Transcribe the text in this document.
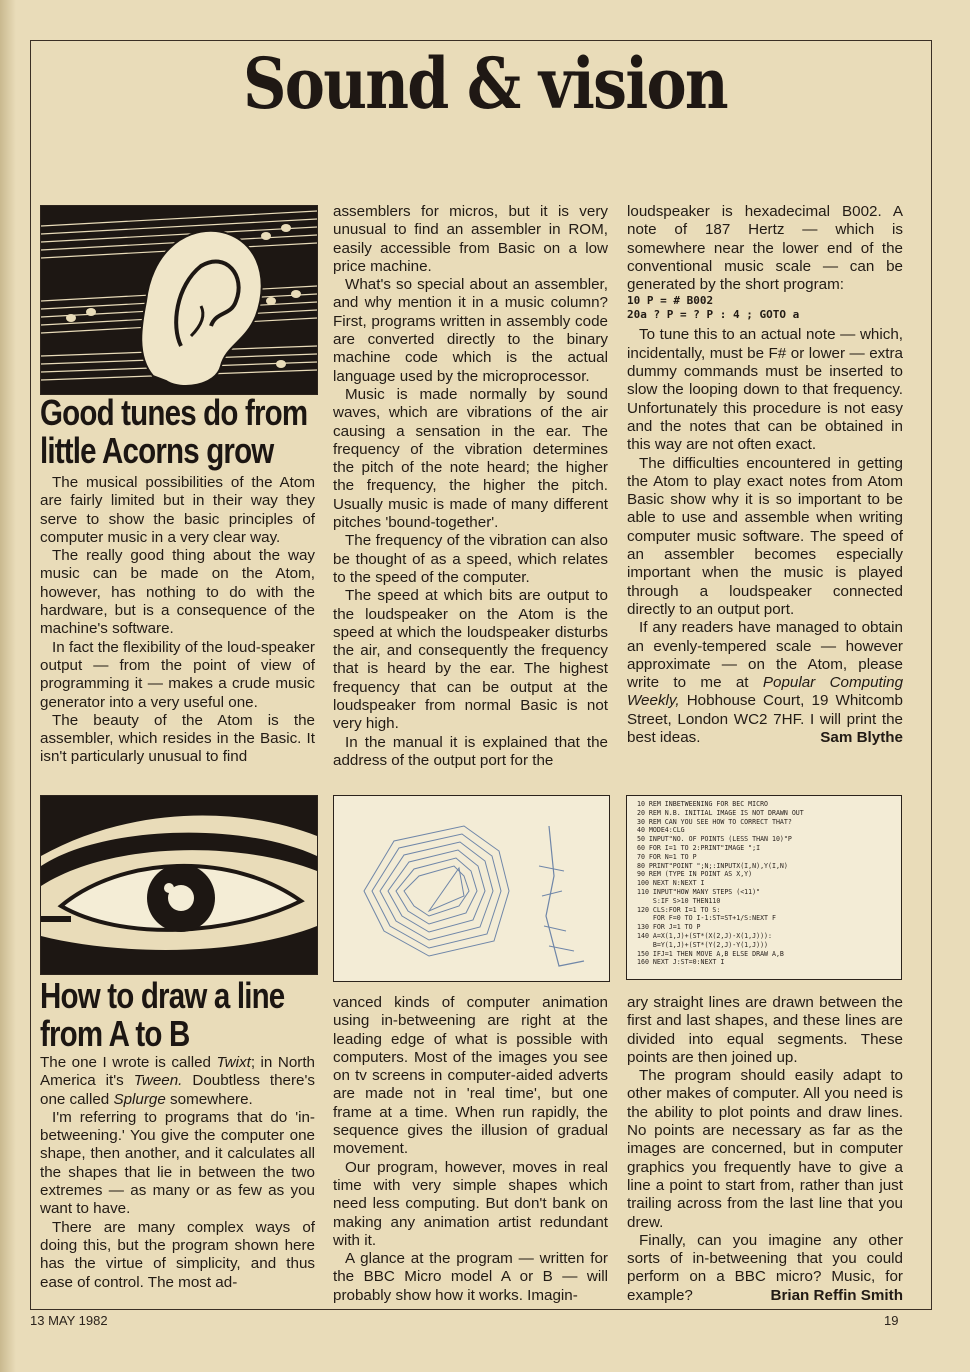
Sound & vision
Good tunes do from
little Acorns grow

The musical possibilities of the Atom are fairly limited but in their way they serve to show the basic principles of computer music in a very clear way.

The really good thing about the way music can be made on the Atom, however, has nothing to do with the hardware, but is a consequence of the machine's software.

In fact the flexibility of the loud-speaker output — from the point of view of programming it — makes a crude music generator into a very useful one.

The beauty of the Atom is the assembler, which resides in the Basic. It isn't particularly unusual to find

assemblers for micros, but it is very unusual to find an assembler in ROM, easily accessible from Basic on a low price machine.

What's so special about an assembler, and why mention it in a music column? First, programs written in assembly code are converted directly to the binary machine code which is the actual language used by the microprocessor.

Music is made normally by sound waves, which are vibrations of the air causing a sensation in the ear. The frequency of the vibration determines the pitch of the note heard; the higher the frequency, the higher the pitch. Usually music is made of many different pitches 'bound-together'.

The frequency of the vibration can also be thought of as a speed, which relates to the speed of the computer.

The speed at which bits are output to the loudspeaker on the Atom is the speed at which the loudspeaker disturbs the air, and consequently the frequency that is heard by the ear. The highest frequency that can be output at the loudspeaker from normal Basic is not very high.

In the manual it is explained that the address of the output port for the

loudspeaker is hexadecimal B002. A note of 187 Hertz — which is somewhere near the lower end of the conventional music scale — can be generated by the short program:

10 P = # B002

20a ? P = ? P : 4 ; GOTO a

To tune this to an actual note — which, incidentally, must be F# or lower — extra dummy commands must be inserted to slow the looping down to that frequency. Unfortunately this procedure is not easy and the notes that can be obtained in this way are not often exact.

The difficulties encountered in getting the Atom to play exact notes from Atom Basic show why it is so important to be able to use and assemble when writing computer music software. The speed of an assembler becomes especially important when the music is played through a loudspeaker connected directly to an output port.

If any readers have managed to obtain an evenly-tempered scale — however approximate — on the Atom, please write to me at Popular Computing Weekly, Hobhouse Court, 19 Whitcomb Street, London WC2 7HF. I will print the best ideas.	Sam Blythe

How to draw a line
from A to B

The one I wrote is called Twixt; in North America it's Tween. Doubtless there's one called Splurge somewhere.

I'm referring to programs that do 'in-betweening.' You give the computer one shape, then another, and it calculates all the shapes that lie in between the two extremes — as many or as few as you want to have.

There are many complex ways of doing this, but the program shown here has the virtue of simplicity, and thus ease of control. The most ad-

vanced kinds of computer animation using in-betweening are right at the leading edge of what is possible with computers. Most of the images you see on tv screens in computer-aided adverts are made not in 'real time', but one frame at a time. When run rapidly, the sequence gives the illusion of gradual movement.

Our program, however, moves in real time with very simple shapes which need less computing. But don't bank on making any animation artist redundant with it.

A glance at the program — written for the BBC Micro model A or B — will probably show how it works. Imagin-

ary straight lines are drawn between the first and last shapes, and these lines are divided into equal segments. These points are then joined up.

The program should easily adapt to other makes of computer. All you need is the ability to plot points and draw lines. No points are necessary as far as the images are concerned, but in computer graphics you frequently have to give a line a point to start from, rather than just trailing across from the last line that you drew.

Finally, can you imagine any other sorts of in-betweening that you could perform on a BBC micro? Music, for example?	Brian Reffin Smith

10 REM INBETWEENING FOR BEC MICRO
20 REM N.B. INITIAL IMAGE IS NOT DRAWN OUT
30 REM CAN YOU SEE HOW TO CORRECT THAT?
40 MODE4:CLG
50 INPUT"NO. OF POINTS (LESS THAN 10)"P
60 FOR I=1 TO 2:PRINT"IMAGE ";I
70 FOR N=1 TO P
80 PRINT"POINT ";N;:INPUTX(I,N),Y(I,N)
90 REM (TYPE IN POINT AS X,Y)
100 NEXT N:NEXT I
110 INPUT"HOW MANY STEPS (<11)"
S:IF S>10 THEN110
120 CLS:FOR I=1 TO S:
FOR F=0 TO I-1:ST=ST+1/S:NEXT F
130 FOR J=1 TO P
140 A=X(1,J)+(ST*(X(2,J)-X(1,J))):
B=Y(1,J)+(ST*(Y(2,J)-Y(1,J)))
150 IFJ=1 THEN MOVE A,B ELSE DRAW A,B
160 NEXT J:ST=0:NEXT I
13 MAY 1982	19
